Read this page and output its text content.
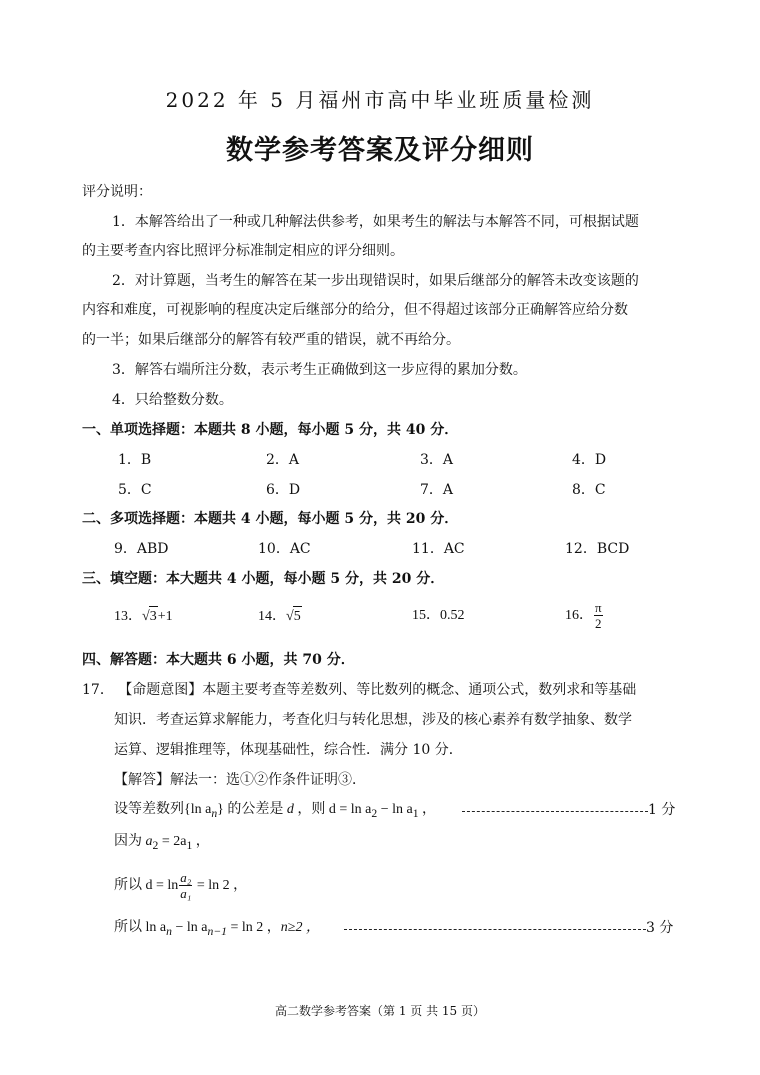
2022 年 5 月福州市高中毕业班质量检测
数学参考答案及评分细则
评分说明：
1．本解答给出了一种或几种解法供参考，如果考生的解法与本解答不同，可根据试题
的主要考查内容比照评分标准制定相应的评分细则。
2．对计算题，当考生的解答在某一步出现错误时，如果后继部分的解答未改变该题的
内容和难度，可视影响的程度决定后继部分的给分，但不得超过该部分正确解答应给分数
的一半；如果后继部分的解答有较严重的错误，就不再给分。
3．解答右端所注分数，表示考生正确做到这一步应得的累加分数。
4．只给整数分数。
一、单项选择题：本题共 8 小题，每小题 5 分，共 40 分．
1．B	2．A	3．A	4．D
5．C	6．D	7．A	8．C
二、多项选择题：本题共 4 小题，每小题 5 分，共 20 分．
9．ABD	10．AC	11．AC	12．BCD
三、填空题：本大题共 4 小题，每小题 5 分，共 20 分．
13．√3+1	14．√5	15．0.52	16． $\frac{\pi}{2}$
四、解答题：本大题共 6 小题，共 70 分．
17． 【命题意图】本题主要考查等差数列、等比数列的概念、通项公式，数列求和等基础
知识．考查运算求解能力，考查化归与转化思想，涉及的核心素养有数学抽象、数学
运算、逻辑推理等，体现基础性，综合性．满分 10 分．
【解答】解法一：选①②作条件证明③．
设等差数列{ln $a_n$} 的公差是 d ，则 $d = \ln a_2 - \ln a_1$ ，	1 分
因为 $a_2 = 2a_1$ ，
所以 $d = \ln \frac{\text{a₂}}{\text{a₁}} = \ln 2$ ，
所以 $\ln a_n - \ln a_{n-1} = \ln 2$ ，n≥2 ，	3 分
高二数学参考答案（第 1 页 共 15 页）
